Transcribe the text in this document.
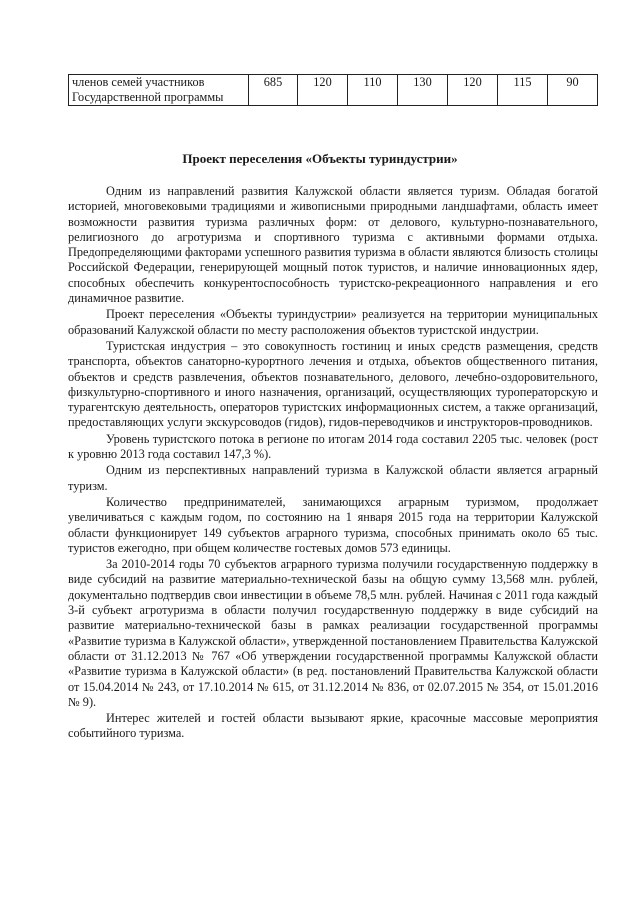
членов семей участников Государственной программы	685	120	110	130	120	115	90
Проект переселения «Объекты туриндустрии»

Одним из направлений развития Калужской области является туризм. Обладая богатой историей, многовековыми традициями и живописными природными ландшафтами, область имеет возможности развития туризма различных форм: от делового, культурно-познавательного, религиозного до агротуризма и спортивного туризма с активными формами отдыха. Предопределяющими факторами успешного развития туризма в области являются близость столицы Российской Федерации, генерирующей мощный поток туристов, и наличие инновационных ядер, способных обеспечить конкурентоспособность туристско-рекреационного направления и его динамичное развитие.

Проект переселения «Объекты туриндустрии» реализуется на территории муниципальных образований Калужской области по месту расположения объектов туристской индустрии.

Туристская индустрия – это совокупность гостиниц и иных средств размещения, средств транспорта, объектов санаторно-курортного лечения и отдыха, объектов общественного питания, объектов и средств развлечения, объектов познавательного, делового, лечебно-оздоровительного, физкультурно-спортивного и иного назначения, организаций, осуществляющих туроператорскую и турагентскую деятельность, операторов туристских информационных систем, а также организаций, предоставляющих услуги экскурсоводов (гидов), гидов-переводчиков и инструкторов-проводников.

Уровень туристского потока в регионе по итогам 2014 года составил 2205 тыс. человек (рост к уровню 2013 года составил 147,3 %).

Одним из перспективных направлений туризма в Калужской области является аграрный туризм.

Количество предпринимателей, занимающихся аграрным туризмом, продолжает увеличиваться с каждым годом, по состоянию на 1 января 2015 года на территории Калужской области функционирует 149 субъектов аграрного туризма, способных принимать около 65 тыс. туристов ежегодно, при общем количестве гостевых домов 573 единицы.

За 2010-2014 годы 70 субъектов аграрного туризма получили государственную поддержку в виде субсидий на развитие материально-технической базы на общую сумму 13,568 млн. рублей, документально подтвердив свои инвестиции в объеме 78,5 млн. рублей. Начиная с 2011 года каждый 3-й субъект агротуризма в области получил государственную поддержку в виде субсидий на развитие материально-технической базы в рамках реализации государственной программы «Развитие туризма в Калужской области», утвержденной постановлением Правительства Калужской области от 31.12.2013 № 767 «Об утверждении государственной программы Калужской области «Развитие туризма в Калужской области» (в ред. постановлений Правительства Калужской области от 15.04.2014 № 243, от 17.10.2014 № 615, от 31.12.2014 № 836, от 02.07.2015 № 354, от 15.01.2016 № 9).

Интерес жителей и гостей области вызывают яркие, красочные массовые мероприятия событийного туризма.
